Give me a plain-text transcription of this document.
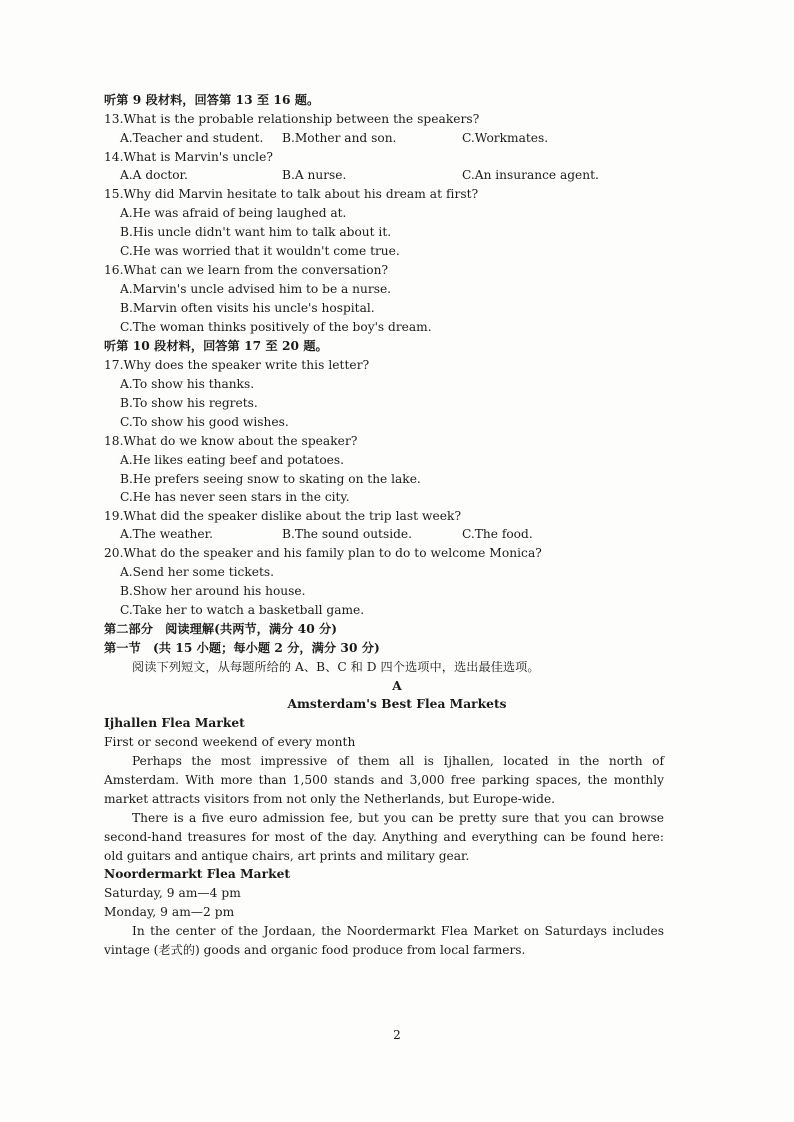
听第 9 段材料，回答第 13 至 16 题。
13.What is the probable relationship between the speakers?
A.Teacher and student. B.Mother and son.	C.Workmates.
14.What is Marvin's uncle?
A.A doctor.	B.A nurse.	C.An insurance agent.
15.Why did Marvin hesitate to talk about his dream at first?
A.He was afraid of being laughed at.
B.His uncle didn't want him to talk about it.
C.He was worried that it wouldn't come true.
16.What can we learn from the conversation?
A.Marvin's uncle advised him to be a nurse.
B.Marvin often visits his uncle's hospital.
C.The woman thinks positively of the boy's dream.
听第 10 段材料，回答第 17 至 20 题。
17.Why does the speaker write this letter?
A.To show his thanks.
B.To show his regrets.
C.To show his good wishes.
18.What do we know about the speaker?
A.He likes eating beef and potatoes.
B.He prefers seeing snow to skating on the lake.
C.He has never seen stars in the city.
19.What did the speaker dislike about the trip last week?
A.The weather.	B.The sound outside.	C.The food.
20.What do the speaker and his family plan to do to welcome Monica?
A.Send her some tickets.
B.Show her around his house.
C.Take her to watch a basketball game.
第二部分　阅读理解(共两节，满分 40 分)
第一节　(共 15 小题；每小题 2 分，满分 30 分)
阅读下列短文，从每题所给的 A、B、C 和 D 四个选项中，选出最佳选项。
A
Amsterdam's Best Flea Markets
Ijhallen Flea Market
First or second weekend of every month
Perhaps the most impressive of them all is Ijhallen, located in the north of Amsterdam. With more than 1,500 stands and 3,000 free parking spaces, the monthly market attracts visitors from not only the Netherlands, but Europe-wide.
There is a five euro admission fee, but you can be pretty sure that you can browse second-hand treasures for most of the day. Anything and everything can be found here: old guitars and antique chairs, art prints and military gear.
Noordermarkt Flea Market
Saturday, 9 am—4 pm
Monday, 9 am—2 pm
In the center of the Jordaan, the Noordermarkt Flea Market on Saturdays includes vintage (老式的) goods and organic food produce from local farmers.
2
